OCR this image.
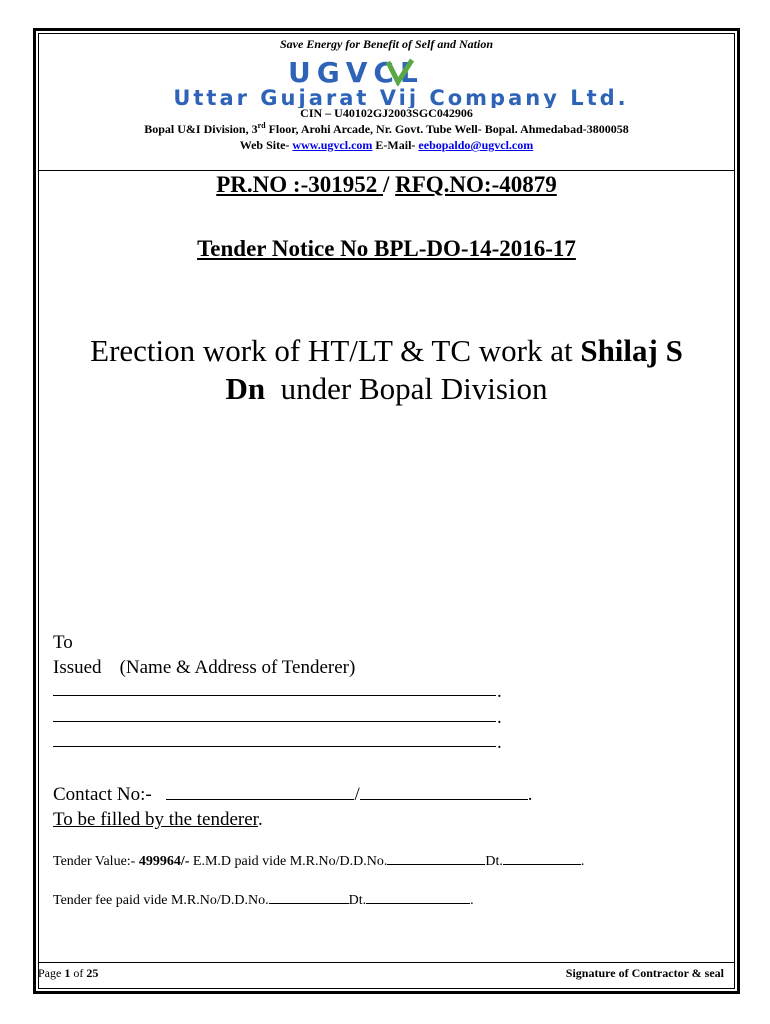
Save Energy for Benefit of Self and Nation
UGVCL
Uttar Gujarat Vij Company Ltd.
CIN – U40102GJ2003SGC042906
Bopal U&I Division, 3rd Floor, Arohi Arcade, Nr. Govt. Tube Well- Bopal. Ahmedabad-3800058
Web Site- www.ugvcl.com E-Mail- eebopaldo@ugvcl.com
PR.NO :-301952 / RFQ.NO:-40879
Tender Notice No BPL-DO-14-2016-17
Erection work of HT/LT & TC work at Shilaj S
Dn  under Bopal Division
To
Issued (Name & Address of Tenderer)
.
.
.
Contact No:-	/	.
To be filled by the tenderer.
Tender Value:- 499964/- E.M.D paid vide M.R.No/D.D.No.	Dt.	.
Tender fee paid vide M.R.No/D.D.No.	Dt.	.
Page 1 of 25	Signature of Contractor & seal
